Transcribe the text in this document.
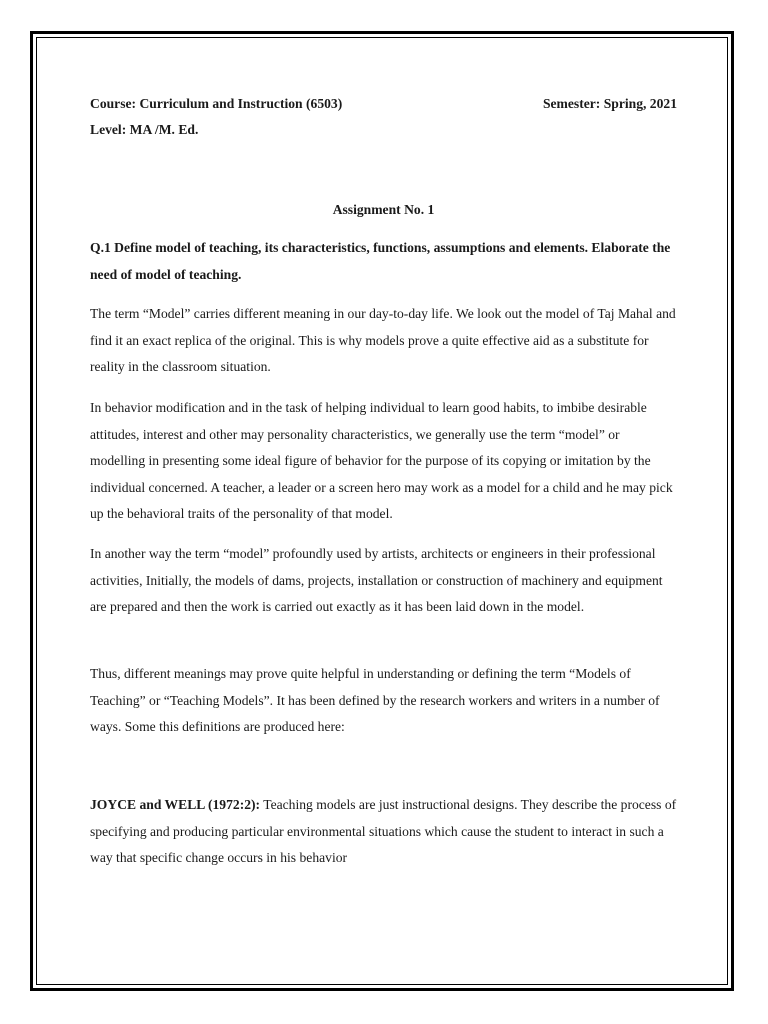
Course: Curriculum and Instruction (6503)	Semester: Spring, 2021
Level: MA /M. Ed.
Assignment No. 1
Q.1 Define model of teaching, its characteristics, functions, assumptions and elements. Elaborate the need of model of teaching.
The term “Model” carries different meaning in our day-to-day life. We look out the model of Taj Mahal and find it an exact replica of the original. This is why models prove a quite effective aid as a substitute for reality in the classroom situation.
In behavior modification and in the task of helping individual to learn good habits, to imbibe desirable attitudes, interest and other may personality characteristics, we generally use the term “model” or modelling in presenting some ideal figure of behavior for the purpose of its copying or imitation by the individual concerned. A teacher, a leader or a screen hero may work as a model for a child and he may pick up the behavioral traits of the personality of that model.
In another way the term “model” profoundly used by artists, architects or engineers in their professional activities, Initially, the models of dams, projects, installation or construction of machinery and equipment are prepared and then the work is carried out exactly as it has been laid down in the model.
Thus, different meanings may prove quite helpful in understanding or defining the term “Models of Teaching” or “Teaching Models”. It has been defined by the research workers and writers in a number of ways. Some this definitions are produced here:
JOYCE and WELL (1972:2): Teaching models are just instructional designs. They describe the process of specifying and producing particular environmental situations which cause the student to interact in such a way that specific change occurs in his behavior
